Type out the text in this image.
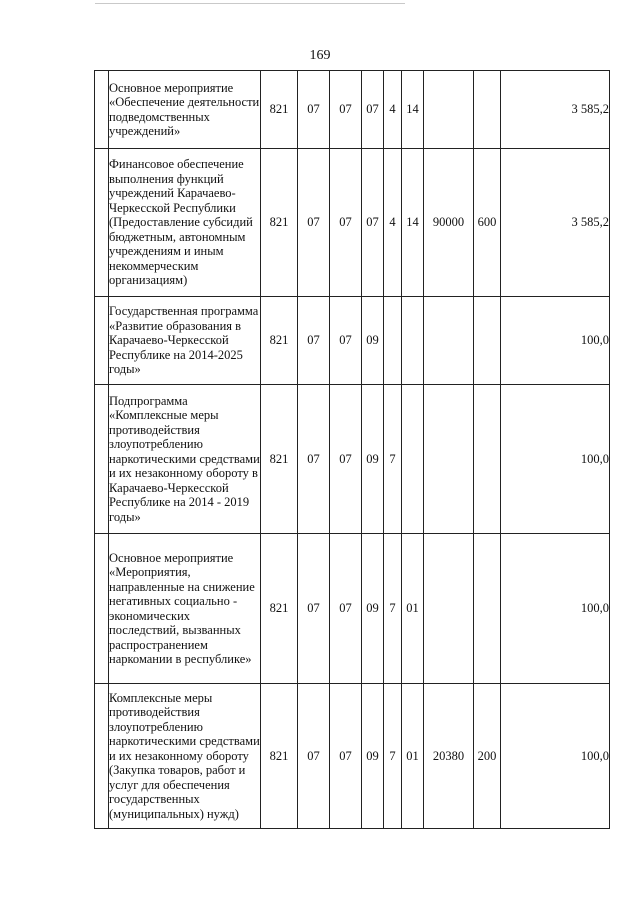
169
	Основное мероприятие «Обеспечение деятельности подведомственных учреждений»	821	07	07	07	4	14			3 585,2
	Финансовое обеспечение выполнения функций учреждений Карачаево-Черкесской Республики (Предоставление субсидий бюджетным, автономным учреждениям и иным некоммерческим организациям)	821	07	07	07	4	14	90000	600	3 585,2
	Государственная программа «Развитие образования в Карачаево-Черкесской Республике на 2014-2025 годы»	821	07	07	09					100,0
	Подпрограмма «Комплексные меры противодействия злоупотреблению наркотическими средствами и их незаконному обороту в Карачаево-Черкесской Республике на 2014 - 2019 годы»	821	07	07	09	7				100,0
	Основное мероприятие «Мероприятия, направленные на снижение негативных социально - экономических последствий, вызванных распространением наркомании в республике»	821	07	07	09	7	01			100,0
	Комплексные меры противодействия злоупотреблению наркотическими средствами и их незаконному обороту (Закупка товаров, работ и услуг для обеспечения государственных (муниципальных) нужд)	821	07	07	09	7	01	20380	200	100,0
